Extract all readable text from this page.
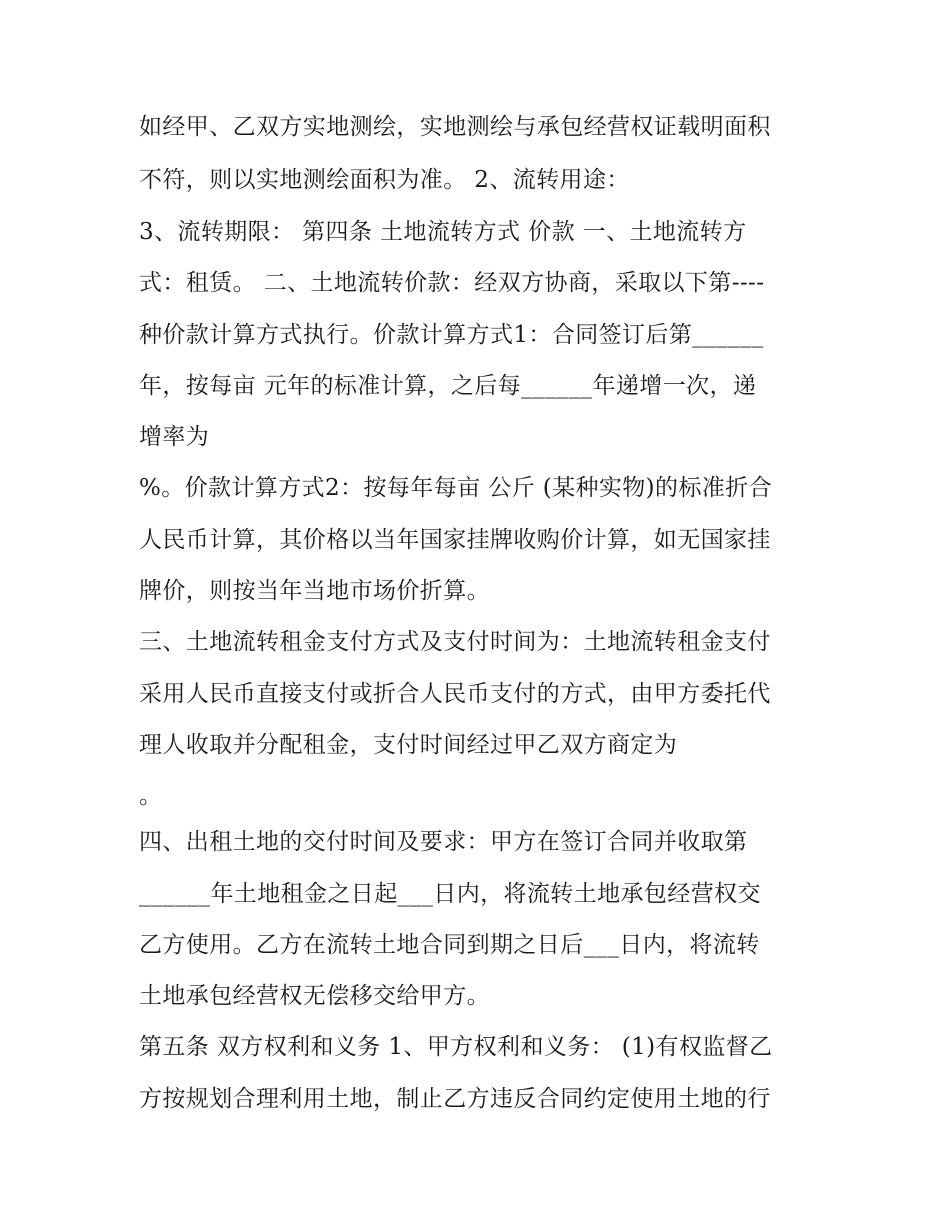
如经甲、乙双方实地测绘，实地测绘与承包经营权证载明面积
不符，则以实地测绘面积为准。 2、流转用途：
3、流转期限： 第四条 土地流转方式 价款 一、土地流转方
式：租赁。 二、土地流转价款：经双方协商，采取以下第----
种价款计算方式执行。价款计算方式1：合同签订后第______
年，按每亩 元年的标准计算，之后每______年递增一次，递
增率为
%。价款计算方式2：按每年每亩 公斤 (某种实物)的标准折合
人民币计算，其价格以当年国家挂牌收购价计算，如无国家挂
牌价，则按当年当地市场价折算。
三、土地流转租金支付方式及支付时间为：土地流转租金支付
采用人民币直接支付或折合人民币支付的方式，由甲方委托代
理人收取并分配租金，支付时间经过甲乙双方商定为
。
四、出租土地的交付时间及要求：甲方在签订合同并收取第
______年土地租金之日起___日内，将流转土地承包经营权交
乙方使用。乙方在流转土地合同到期之日后___日内，将流转
土地承包经营权无偿移交给甲方。
第五条 双方权利和义务 1、甲方权利和义务： (1)有权监督乙
方按规划合理利用土地，制止乙方违反合同约定使用土地的行
